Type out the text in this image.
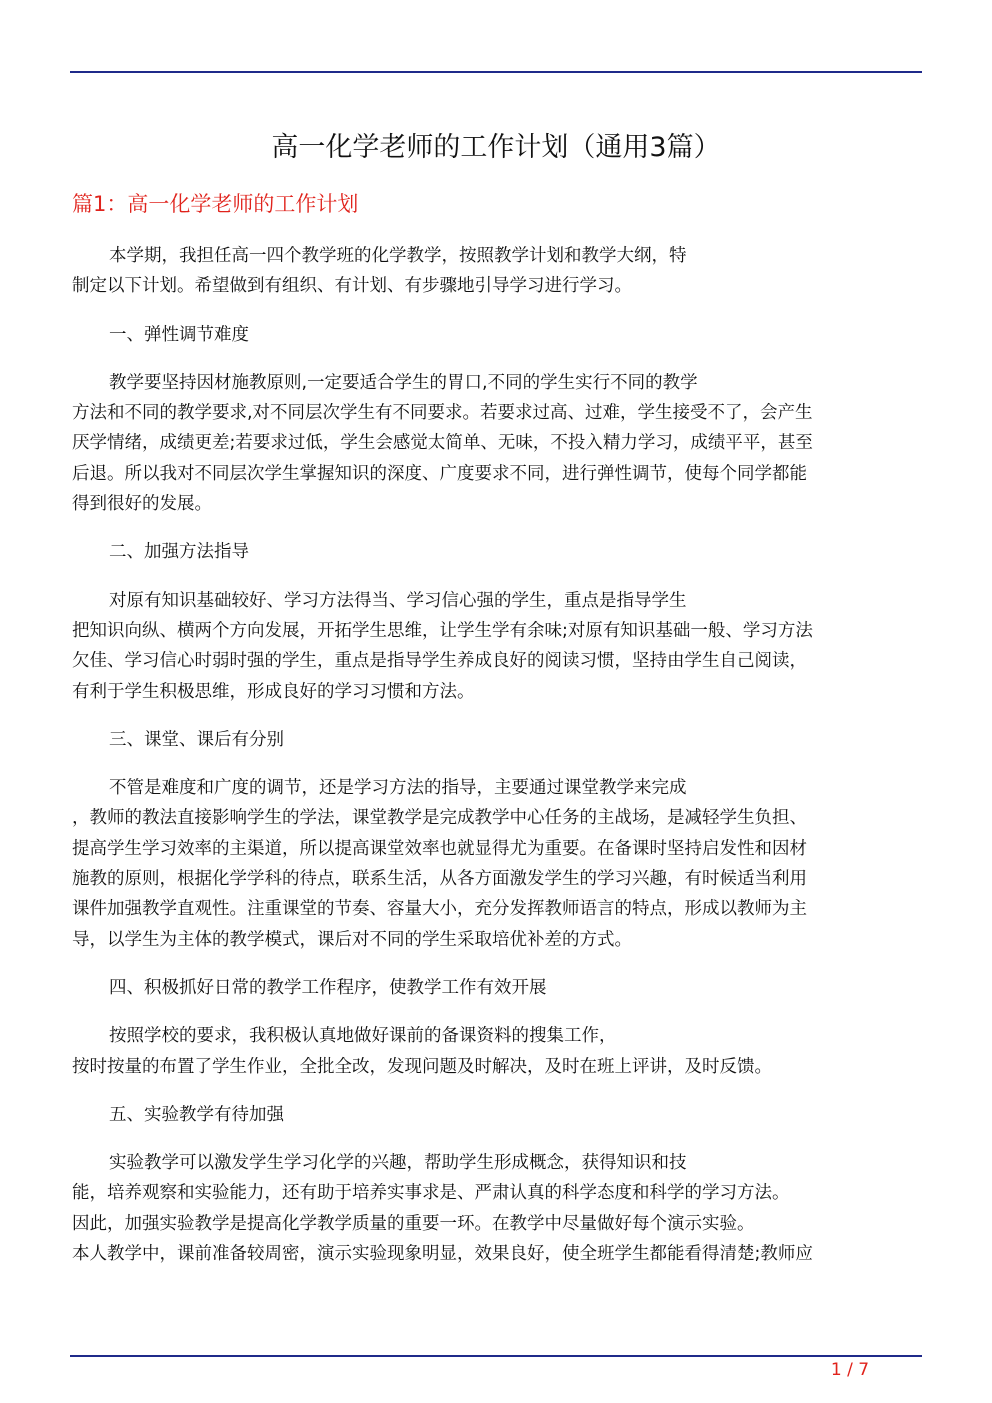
高一化学老师的工作计划（通用3篇）
篇1：高一化学老师的工作计划
本学期，我担任高一四个教学班的化学教学，按照教学计划和教学大纲，特
制定以下计划。希望做到有组织、有计划、有步骤地引导学习进行学习。
一、弹性调节难度
教学要坚持因材施教原则,一定要适合学生的胃口,不同的学生实行不同的教学
方法和不同的教学要求,对不同层次学生有不同要求。若要求过高、过难，学生接受不了，会产生
厌学情绪，成绩更差;若要求过低，学生会感觉太简单、无味，不投入精力学习，成绩平平，甚至
后退。所以我对不同层次学生掌握知识的深度、广度要求不同，进行弹性调节，使每个同学都能
得到很好的发展。
二、加强方法指导
对原有知识基础较好、学习方法得当、学习信心强的学生，重点是指导学生
把知识向纵、横两个方向发展，开拓学生思维，让学生学有余味;对原有知识基础一般、学习方法
欠佳、学习信心时弱时强的学生，重点是指导学生养成良好的阅读习惯，坚持由学生自己阅读，
有利于学生积极思维，形成良好的学习习惯和方法。
三、课堂、课后有分别
不管是难度和广度的调节，还是学习方法的指导，主要通过课堂教学来完成
，教师的教法直接影响学生的学法，课堂教学是完成教学中心任务的主战场，是减轻学生负担、
提高学生学习效率的主渠道，所以提高课堂效率也就显得尤为重要。在备课时坚持启发性和因材
施教的原则，根据化学学科的待点，联系生活，从各方面激发学生的学习兴趣，有时候适当利用
课件加强教学直观性。注重课堂的节奏、容量大小，充分发挥教师语言的特点，形成以教师为主
导，以学生为主体的教学模式，课后对不同的学生采取培优补差的方式。
四、积极抓好日常的教学工作程序，使教学工作有效开展
按照学校的要求，我积极认真地做好课前的备课资料的搜集工作，
按时按量的布置了学生作业，全批全改，发现问题及时解决，及时在班上评讲，及时反馈。
五、实验教学有待加强
实验教学可以激发学生学习化学的兴趣，帮助学生形成概念，获得知识和技
能，培养观察和实验能力，还有助于培养实事求是、严肃认真的科学态度和科学的学习方法。
因此，加强实验教学是提高化学教学质量的重要一环。在教学中尽量做好每个演示实验。
本人教学中，课前准备较周密，演示实验现象明显，效果良好，使全班学生都能看得清楚;教师应
1 / 7
